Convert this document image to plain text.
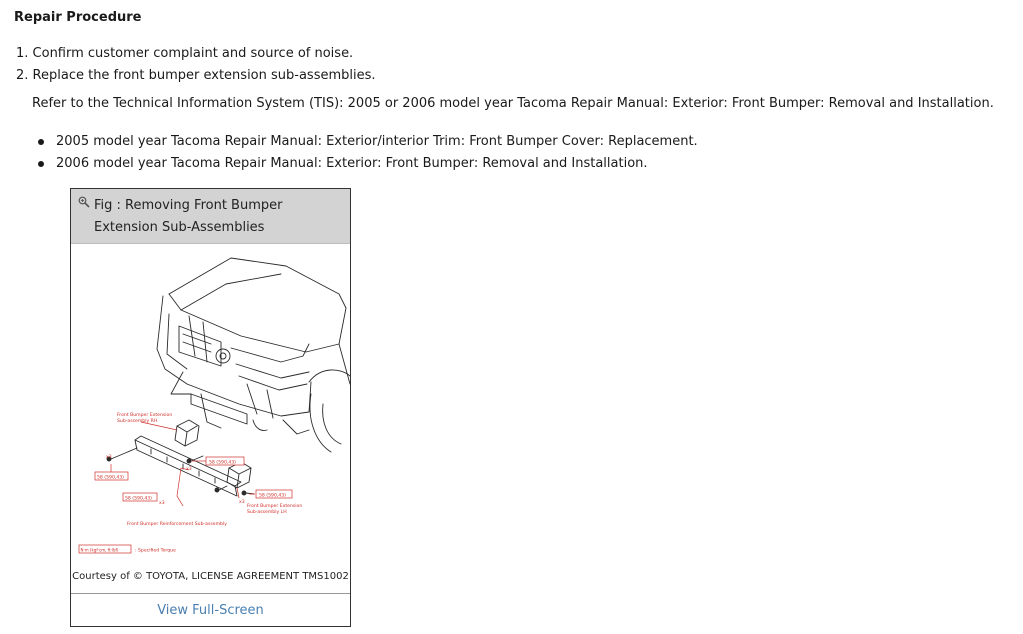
Repair Procedure
1. Confirm customer complaint and source of noise.
2. Replace the front bumper extension sub-assemblies.
Refer to the Technical Information System (TIS): 2005 or 2006 model year Tacoma Repair Manual: Exterior: Front Bumper: Removal and Installation.
2005 model year Tacoma Repair Manual: Exterior/interior Trim: Front Bumper Cover: Replacement.
2006 model year Tacoma Repair Manual: Exterior: Front Bumper: Removal and Installation.
Fig : Removing Front Bumper Extension Sub-Assemblies
Front Bumper Extension
Sub-assembly RH
Front Bumper Extension
Sub-assembly LH
Front Bumper Reinforcement Sub-assembly
58 (590,43)
58 (590,43)
58 (590,43)
58 (590,43)
N·m (kgf·cm, ft·lbf)	: Specified Torque
x3
x3
x3	x3
Courtesy of © TOYOTA, LICENSE AGREEMENT TMS1002
View Full-Screen
